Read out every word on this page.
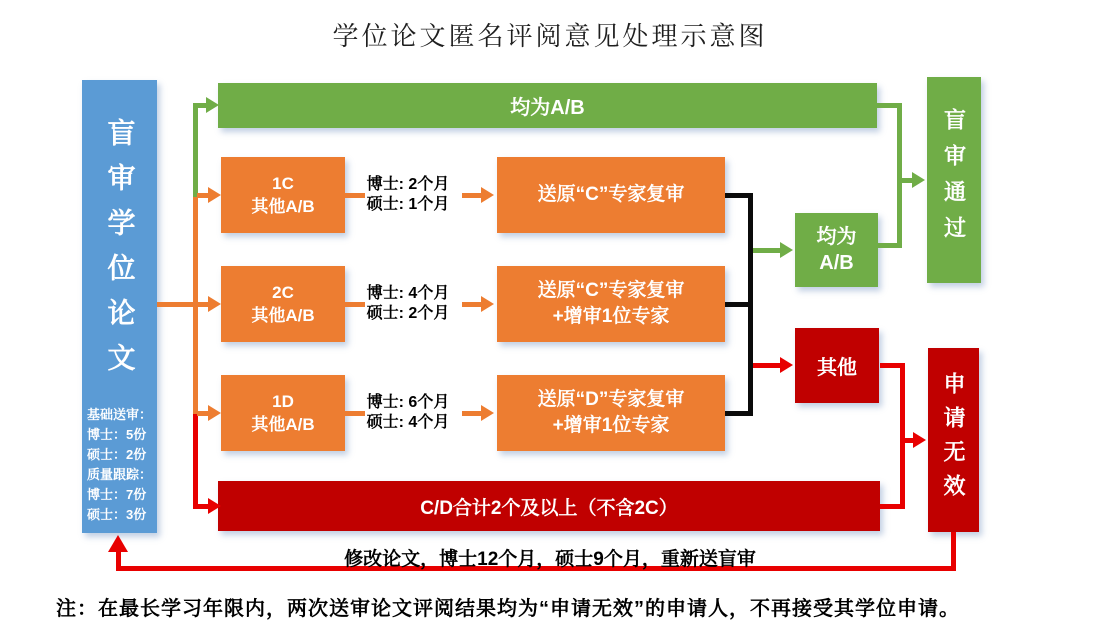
学位论文匿名评阅意见处理示意图
盲审学位论文
基础送审：
博士：5份
硕士：2份
质量跟踪：
博士：7份
硕士：3份
均为A/B
1C
其他A/B
博士: 2个月
硕士: 1个月	送原“C”专家复审
2C
其他A/B
博士: 4个月
硕士: 2个月
送原“C”专家复审
+增审1位专家
1D
其他A/B
博士: 6个月
硕士: 4个月
送原“D”专家复审
+增审1位专家
C/D合计2个及以上（不含2C）
均为
A/B
其他
盲审通过
申请无效
修改论文，博士12个月，硕士9个月，重新送盲审
注：在最长学习年限内，两次送审论文评阅结果均为“申请无效”的申请人，不再接受其学位申请。
